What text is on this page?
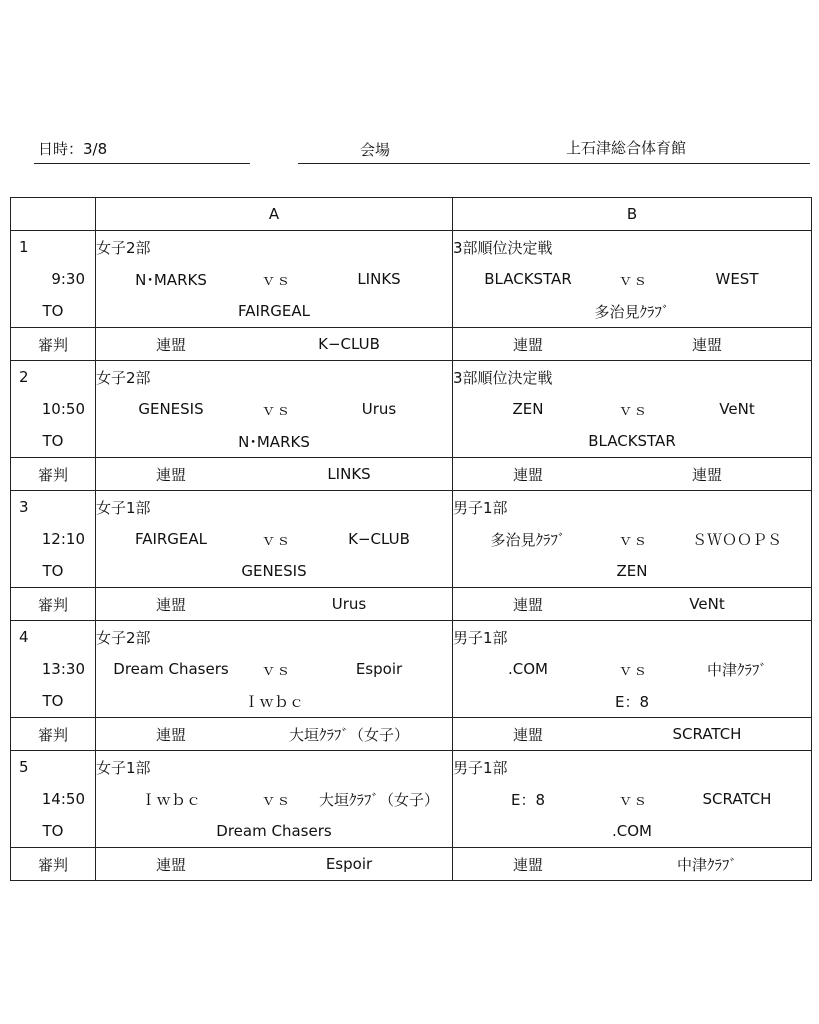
日時：3/8	会場	上石津総合体育館
	A	B
1	女子2部	3部順位決定戦
9:30	N･MARKS ｖｓ LINKS	BLACKSTAR ｖｓ WEST

TO	FAIRGEAL	多治見ｸﾗﾌﾞ
審判	連盟 K−CLUB	連盟 連盟

2	女子2部	3部順位決定戦
10:50	GENESIS ｖｓ Urus	ZEN ｖｓ VeNt

TO	N･MARKS	BLACKSTAR
審判	連盟 LINKS	連盟 連盟

3	女子1部	男子1部
12:10	FAIRGEAL ｖｓ K−CLUB	多治見ｸﾗﾌﾞ ｖｓ ＳＷＯＯＰＳ

TO	GENESIS	ZEN
審判	連盟 Urus	連盟 VeNt

4	女子2部	男子1部
13:30	Dream Chasers ｖｓ Espoir	.COM ｖｓ 中津ｸﾗﾌﾞ

TO	Ｉｗｂｃ	E：8
審判	連盟 大垣ｸﾗﾌﾞ（女子）	連盟 SCRATCH

5	女子1部	男子1部
14:50	Ｉｗｂｃ ｖｓ 大垣ｸﾗﾌﾞ（女子）	E：8 ｖｓ SCRATCH

TO	Dream Chasers	.COM
審判	連盟 Espoir	連盟 中津ｸﾗﾌﾞ
